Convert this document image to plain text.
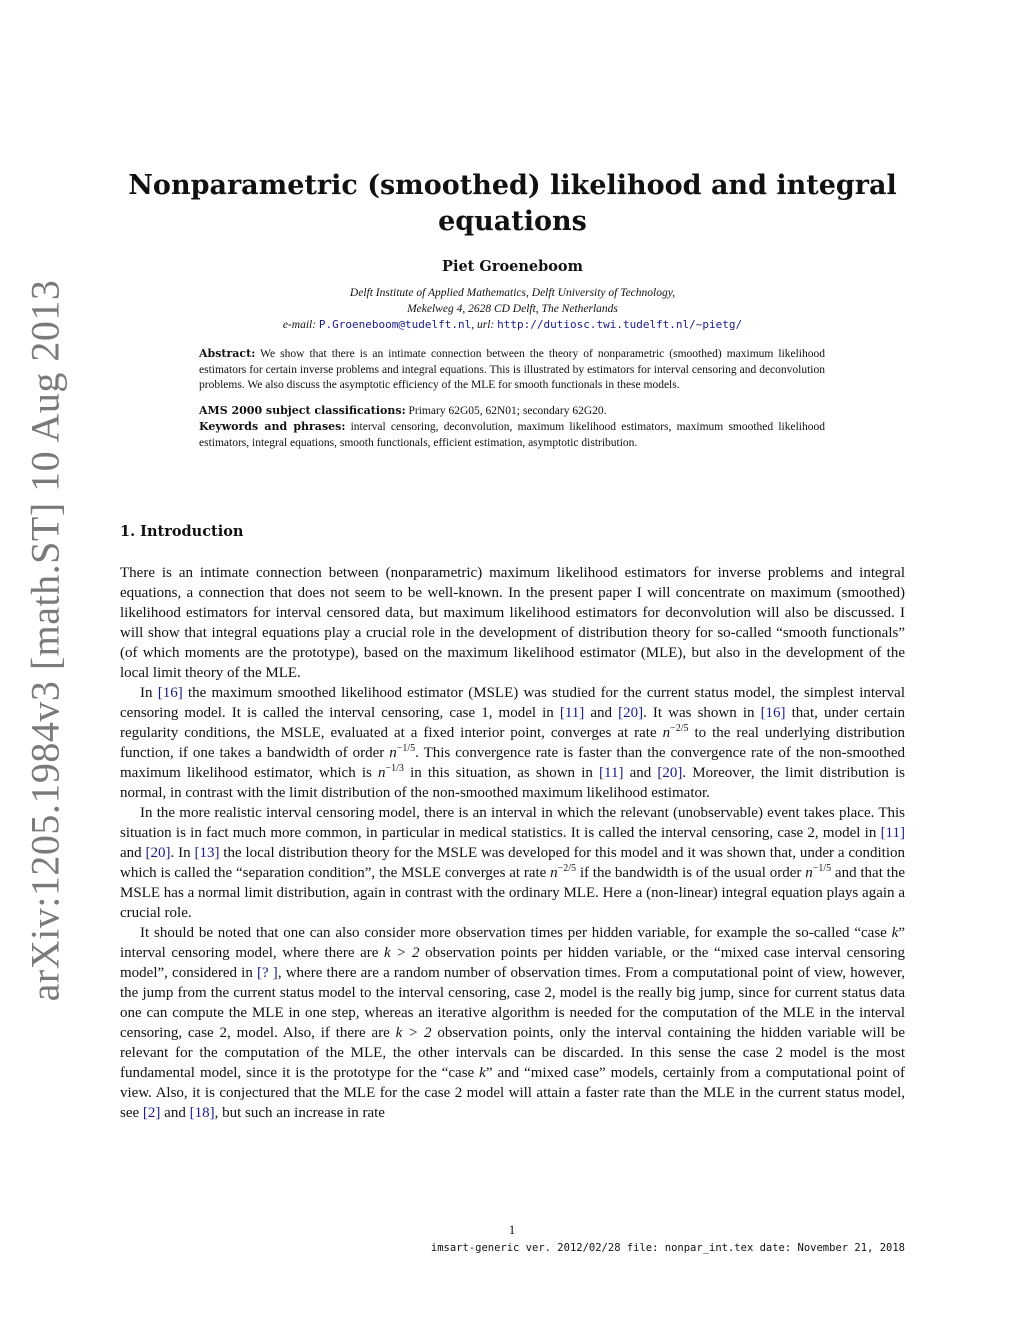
arXiv:1205.1984v3 [math.ST] 10 Aug 2013
Nonparametric (smoothed) likelihood and integral equations
Piet Groeneboom
Delft Institute of Applied Mathematics, Delft University of Technology,
Mekelweg 4, 2628 CD Delft, The Netherlands
e-mail: P.Groeneboom@tudelft.nl, url: http://dutiosc.twi.tudelft.nl/~pietg/
Abstract: We show that there is an intimate connection between the theory of nonparametric (smoothed) maximum likelihood estimators for certain inverse problems and integral equations. This is illustrated by estimators for interval censoring and deconvolution problems. We also discuss the asymptotic efficiency of the MLE for smooth functionals in these models.
AMS 2000 subject classifications: Primary 62G05, 62N01; secondary 62G20.
Keywords and phrases: interval censoring, deconvolution, maximum likelihood estimators, maximum smoothed likelihood estimators, integral equations, smooth functionals, efficient estimation, asymptotic distribution.
1. Introduction

There is an intimate connection between (nonparametric) maximum likelihood estimators for inverse problems and integral equations, a connection that does not seem to be well-known. In the present paper I will concentrate on maximum (smoothed) likelihood estimators for interval censored data, but maximum likelihood estimators for deconvolution will also be discussed. I will show that integral equations play a crucial role in the development of distribution theory for so-called “smooth functionals” (of which moments are the prototype), based on the maximum likelihood estimator (MLE), but also in the development of the local limit theory of the MLE.

In [16] the maximum smoothed likelihood estimator (MSLE) was studied for the current status model, the simplest interval censoring model. It is called the interval censoring, case 1, model in [11] and [20]. It was shown in [16] that, under certain regularity conditions, the MSLE, evaluated at a fixed interior point, converges at rate $n^{-2/5}$ to the real underlying distribution function, if one takes a bandwidth of order $n^{-1/5}$. This convergence rate is faster than the convergence rate of the non-smoothed maximum likelihood estimator, which is $n^{-1/3}$ in this situation, as shown in [11] and [20]. Moreover, the limit distribution is normal, in contrast with the limit distribution of the non-smoothed maximum likelihood estimator.

In the more realistic interval censoring model, there is an interval in which the relevant (unobservable) event takes place. This situation is in fact much more common, in particular in medical statistics. It is called the interval censoring, case 2, model in [11] and [20]. In [13] the local distribution theory for the MSLE was developed for this model and it was shown that, under a condition which is called the “separation condition”, the MSLE converges at rate $n^{-2/5}$ if the bandwidth is of the usual order $n^{-1/5}$ and that the MSLE has a normal limit distribution, again in contrast with the ordinary MLE. Here a (non-linear) integral equation plays again a crucial role.

It should be noted that one can also consider more observation times per hidden variable, for example the so-called “case k” interval censoring model, where there are k > 2 observation points per hidden variable, or the “mixed case interval censoring model”, considered in [? ], where there are a random number of observation times. From a computational point of view, however, the jump from the current status model to the interval censoring, case 2, model is the really big jump, since for current status data one can compute the MLE in one step, whereas an iterative algorithm is needed for the computation of the MLE in the interval censoring, case 2, model. Also, if there are k > 2 observation points, only the interval containing the hidden variable will be relevant for the computation of the MLE, the other intervals can be discarded. In this sense the case 2 model is the most fundamental model, since it is the prototype for the “case k” and “mixed case” models, certainly from a computational point of view. Also, it is conjectured that the MLE for the case 2 model will attain a faster rate than the MLE in the current status model, see [2] and [18], but such an increase in rate

1
imsart-generic ver. 2012/02/28 file: nonpar_int.tex date: November 21, 2018
